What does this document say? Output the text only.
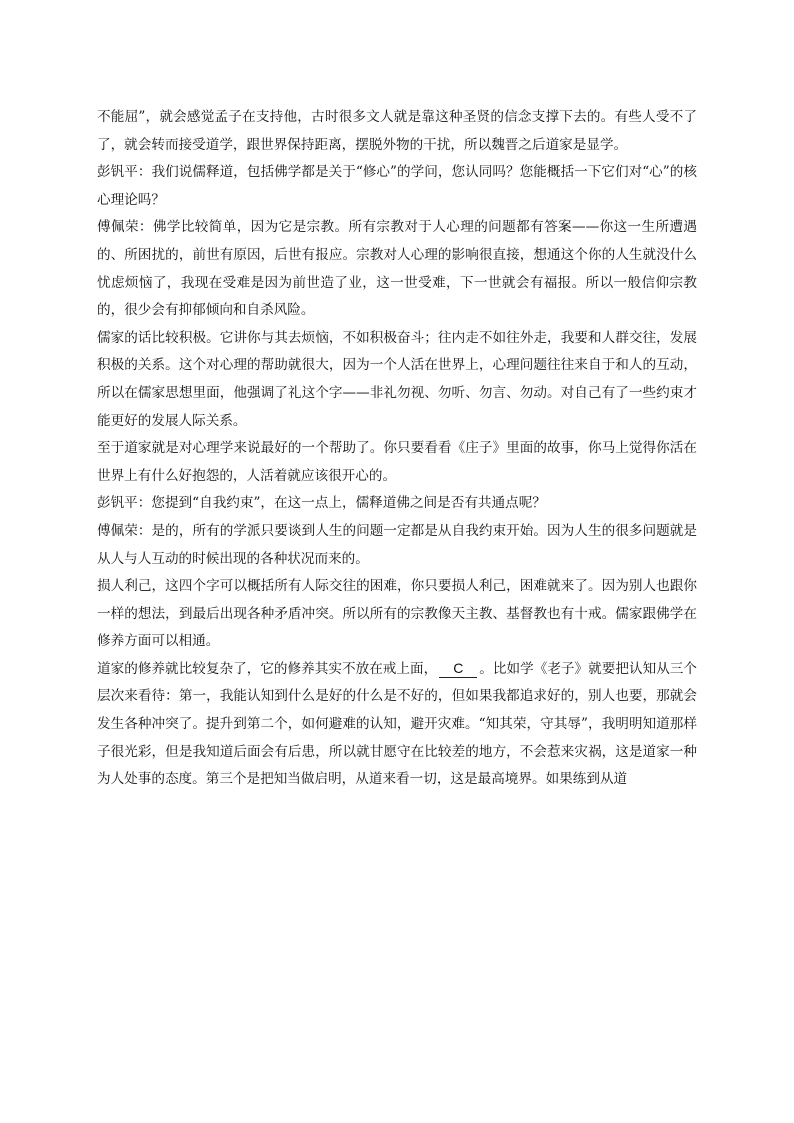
不能屈”，就会感觉孟子在支持他，古时很多文人就是靠这种圣贤的信念支撑下去的。有些人受不了了，就会转而接受道学，跟世界保持距离，摆脱外物的干扰，所以魏晋之后道家是显学。

彭钒平：我们说儒释道，包括佛学都是关于“修心”的学问，您认同吗？您能概括一下它们对“心”的核心理论吗？

傅佩荣：佛学比较简单，因为它是宗教。所有宗教对于人心理的问题都有答案——你这一生所遭遇的、所困扰的，前世有原因，后世有报应。宗教对人心理的影响很直接，想通这个你的人生就没什么忧虑烦恼了，我现在受难是因为前世造了业，这一世受难，下一世就会有福报。所以一般信仰宗教的，很少会有抑郁倾向和自杀风险。

儒家的话比较积极。它讲你与其去烦恼，不如积极奋斗；往内走不如往外走，我要和人群交往，发展积极的关系。这个对心理的帮助就很大，因为一个人活在世界上，心理问题往往来自于和人的互动，所以在儒家思想里面，他强调了礼这个字——非礼勿视、勿听、勿言、勿动。对自己有了一些约束才能更好的发展人际关系。

至于道家就是对心理学来说最好的一个帮助了。你只要看看《庄子》里面的故事，你马上觉得你活在世界上有什么好抱怨的，人活着就应该很开心的。

彭钒平：您提到“自我约束”，在这一点上，儒释道佛之间是否有共通点呢？

傅佩荣：是的，所有的学派只要谈到人生的问题一定都是从自我约束开始。因为人生的很多问题就是从人与人互动的时候出现的各种状况而来的。

损人利己，这四个字可以概括所有人际交往的困难，你只要损人利己，困难就来了。因为别人也跟你一样的想法，到最后出现各种矛盾冲突。所以所有的宗教像天主教、基督教也有十戒。儒家跟佛学在修养方面可以相通。

道家的修养就比较复杂了，它的修养其实不放在戒上面， C 。比如学《老子》就要把认知从三个层次来看待：第一，我能认知到什么是好的什么是不好的，但如果我都追求好的，别人也要，那就会发生各种冲突了。提升到第二个，如何避难的认知，避开灾难。“知其荣，守其辱”，我明明知道那样子很光彩，但是我知道后面会有后患，所以就甘愿守在比较差的地方，不会惹来灾祸，这是道家一种为人处事的态度。第三个是把知当做启明，从道来看一切，这是最高境界。如果练到从道
